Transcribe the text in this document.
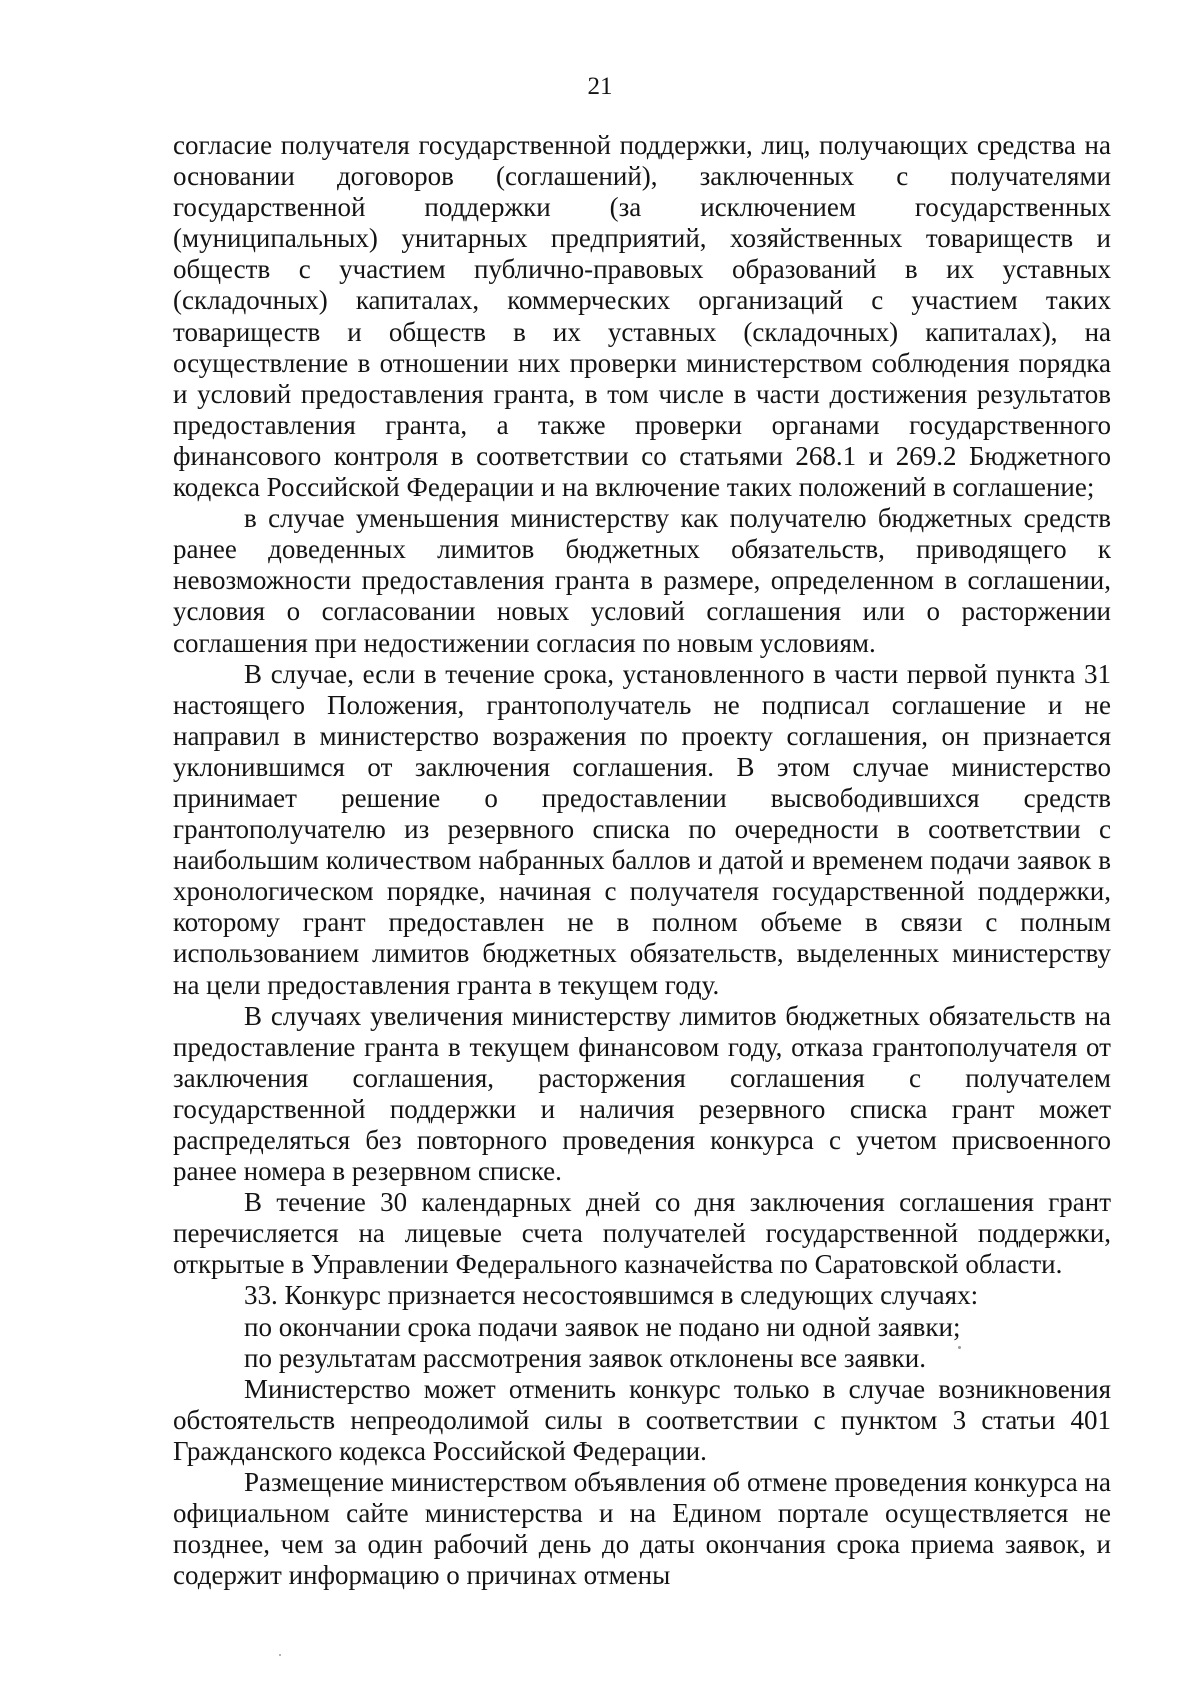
21

согласие получателя государственной поддержки, лиц, получающих средства на основании договоров (соглашений), заключенных с получателями государственной поддержки (за исключением государственных (муниципальных) унитарных предприятий, хозяйственных товариществ и обществ с участием публично-правовых образований в их уставных (складочных) капиталах, коммерческих организаций с участием таких товариществ и обществ в их уставных (складочных) капиталах), на осуществление в отношении них проверки министерством соблюдения порядка и условий предоставления гранта, в том числе в части достижения результатов предоставления гранта, а также проверки органами государственного финансового контроля в соответствии со статьями 268.1 и 269.2 Бюджетного кодекса Российской Федерации и на включение таких положений в соглашение;

в случае уменьшения министерству как получателю бюджетных средств ранее доведенных лимитов бюджетных обязательств, приводящего к невозможности предоставления гранта в размере, определенном в соглашении, условия о согласовании новых условий соглашения или о расторжении соглашения при недостижении согласия по новым условиям.

В случае, если в течение срока, установленного в части первой пункта 31 настоящего Положения, грантополучатель не подписал соглашение и не направил в министерство возражения по проекту соглашения, он признается уклонившимся от заключения соглашения. В этом случае министерство принимает решение о предоставлении высвободившихся средств грантополучателю из резервного списка по очередности в соответствии с наибольшим количеством набранных баллов и датой и временем подачи заявок в хронологическом порядке, начиная с получателя государственной поддержки, которому грант предоставлен не в полном объеме в связи с полным использованием лимитов бюджетных обязательств, выделенных министерству на цели предоставления гранта в текущем году.

В случаях увеличения министерству лимитов бюджетных обязательств на предоставление гранта в текущем финансовом году, отказа грантополучателя от заключения соглашения, расторжения соглашения с получателем государственной поддержки и наличия резервного списка грант может распределяться без повторного проведения конкурса с учетом присвоенного ранее номера в резервном списке.

В течение 30 календарных дней со дня заключения соглашения грант перечисляется на лицевые счета получателей государственной поддержки, открытые в Управлении Федерального казначейства по Саратовской области.

33. Конкурс признается несостоявшимся в следующих случаях:

по окончании срока подачи заявок не подано ни одной заявки;

по результатам рассмотрения заявок отклонены все заявки.

Министерство может отменить конкурс только в случае возникновения обстоятельств непреодолимой силы в соответствии с пунктом 3 статьи 401 Гражданского кодекса Российской Федерации.

Размещение министерством объявления об отмене проведения конкурса на официальном сайте министерства и на Едином портале осуществляется не позднее, чем за один рабочий день до даты окончания срока приема заявок, и содержит информацию о причинах отмены
